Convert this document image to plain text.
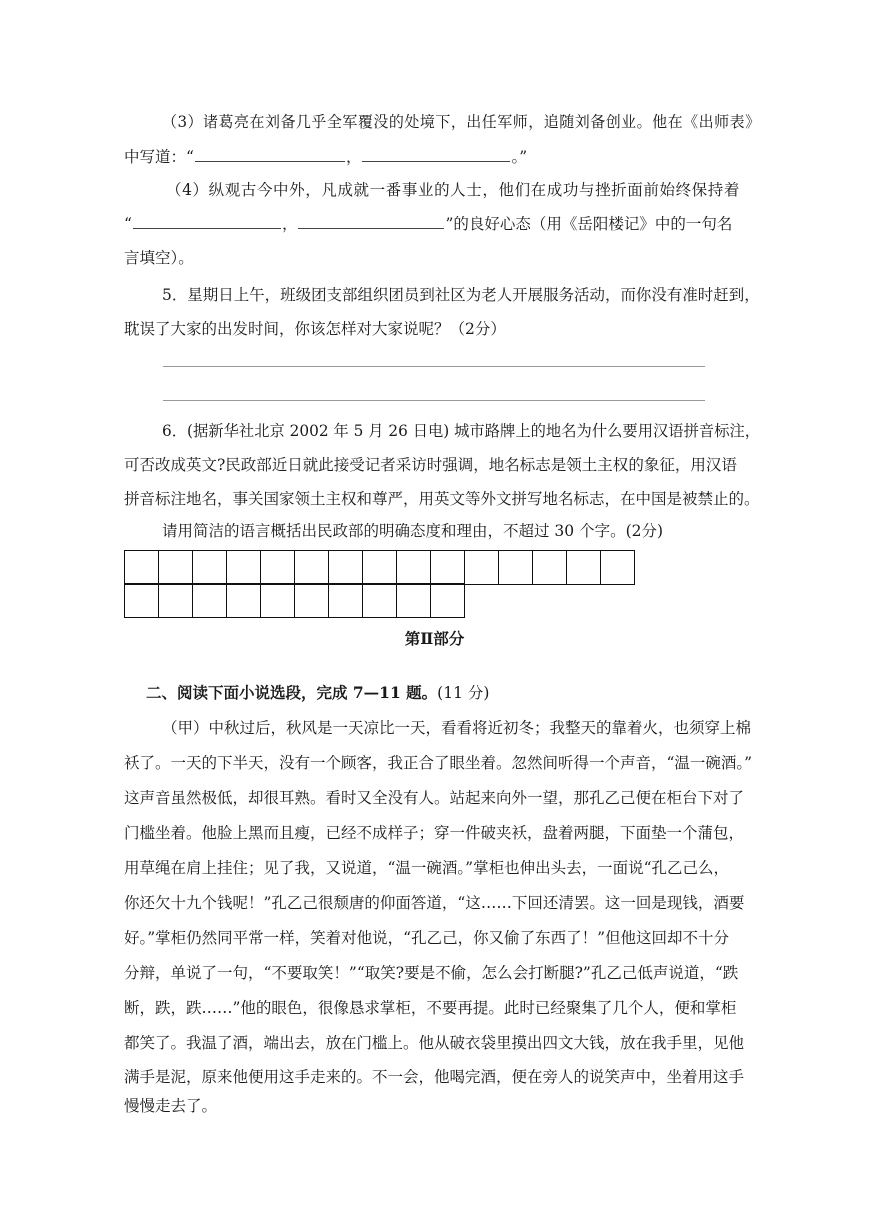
（3）诸葛亮在刘备几乎全军覆没的处境下，出任军师，追随刘备创业。他在《出师表》
中写道：“	，	。”
（4）纵观古今中外，凡成就一番事业的人士，他们在成功与挫折面前始终保持着
“	，	”的良好心态（用《岳阳楼记》中的一句名
言填空）。
5．星期日上午，班级团支部组织团员到社区为老人开展服务活动，而你没有准时赶到，
耽误了大家的出发时间，你该怎样对大家说呢？（2分）
6．(据新华社北京 2002 年 5 月 26 日电) 城市路牌上的地名为什么要用汉语拼音标注，
可否改成英文?民政部近日就此接受记者采访时强调，地名标志是领土主权的象征，用汉语
拼音标注地名，事关国家领土主权和尊严，用英文等外文拼写地名标志，在中国是被禁止的。
请用简洁的语言概括出民政部的明确态度和理由，不超过 30 个字。(2分)

第Ⅱ部分
二、阅读下面小说选段，完成 7—11 题。(11 分)
（甲）中秋过后，秋风是一天凉比一天，看看将近初冬；我整天的靠着火，也须穿上棉
袄了。一天的下半天，没有一个顾客，我正合了眼坐着。忽然间听得一个声音，“温一碗酒。”
这声音虽然极低，却很耳熟。看时又全没有人。站起来向外一望，那孔乙己便在柜台下对了
门槛坐着。他脸上黑而且瘦，已经不成样子；穿一件破夹袄，盘着两腿，下面垫一个蒲包，
用草绳在肩上挂住；见了我，又说道，“温一碗酒。”掌柜也伸出头去，一面说“孔乙己么，
你还欠十九个钱呢！”孔乙己很颓唐的仰面答道，“这……下回还清罢。这一回是现钱，酒要
好。”掌柜仍然同平常一样，笑着对他说，“孔乙己，你又偷了东西了！”但他这回却不十分
分辩，单说了一句，“不要取笑！”“取笑?要是不偷，怎么会打断腿?”孔乙己低声说道，“跌
断，跌，跌……”他的眼色，很像恳求掌柜，不要再提。此时已经聚集了几个人，便和掌柜
都笑了。我温了酒，端出去，放在门槛上。他从破衣袋里摸出四文大钱，放在我手里，见他
满手是泥，原来他便用这手走来的。不一会，他喝完酒，便在旁人的说笑声中，坐着用这手
慢慢走去了。
